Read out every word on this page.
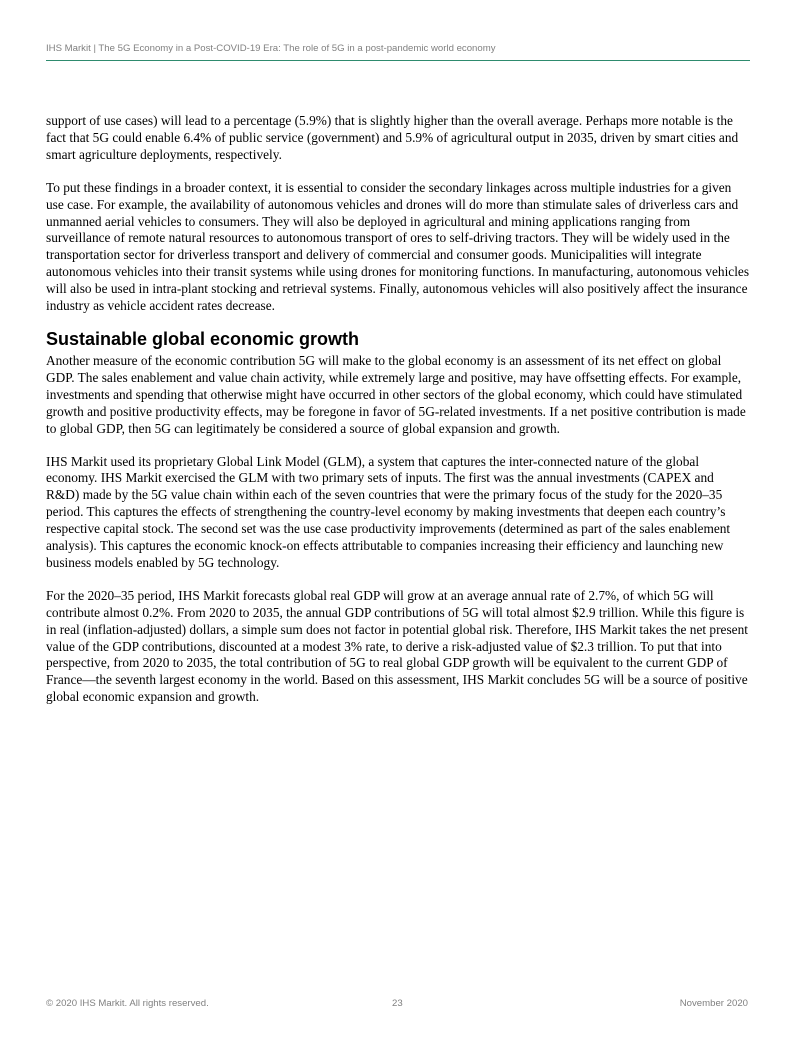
IHS Markit | The 5G Economy in a Post-COVID-19 Era: The role of 5G in a post-pandemic world economy

support of use cases) will lead to a percentage (5.9%) that is slightly higher than the overall average. Perhaps more notable is the fact that 5G could enable 6.4% of public service (government) and 5.9% of agricultural output in 2035, driven by smart cities and smart agriculture deployments, respectively.

To put these findings in a broader context, it is essential to consider the secondary linkages across multiple industries for a given use case. For example, the availability of autonomous vehicles and drones will do more than stimulate sales of driverless cars and unmanned aerial vehicles to consumers. They will also be deployed in agricultural and mining applications ranging from surveillance of remote natural resources to autonomous transport of ores to self-driving tractors. They will be widely used in the transportation sector for driverless transport and delivery of commercial and consumer goods. Municipalities will integrate autonomous vehicles into their transit systems while using drones for monitoring functions. In manufacturing, autonomous vehicles will also be used in intra-plant stocking and retrieval systems. Finally, autonomous vehicles will also positively affect the insurance industry as vehicle accident rates decrease.

Sustainable global economic growth

Another measure of the economic contribution 5G will make to the global economy is an assessment of its net effect on global GDP. The sales enablement and value chain activity, while extremely large and positive, may have offsetting effects. For example, investments and spending that otherwise might have occurred in other sectors of the global economy, which could have stimulated growth and positive productivity effects, may be foregone in favor of 5G-related investments. If a net positive contribution is made to global GDP, then 5G can legitimately be considered a source of global expansion and growth.

IHS Markit used its proprietary Global Link Model (GLM), a system that captures the inter-connected nature of the global economy. IHS Markit exercised the GLM with two primary sets of inputs. The first was the annual investments (CAPEX and R&D) made by the 5G value chain within each of the seven countries that were the primary focus of the study for the 2020–35 period. This captures the effects of strengthening the country-level economy by making investments that deepen each country’s respective capital stock. The second set was the use case productivity improvements (determined as part of the sales enablement analysis). This captures the economic knock-on effects attributable to companies increasing their efficiency and launching new business models enabled by 5G technology.

For the 2020–35 period, IHS Markit forecasts global real GDP will grow at an average annual rate of 2.7%, of which 5G will contribute almost 0.2%. From 2020 to 2035, the annual GDP contributions of 5G will total almost $2.9 trillion. While this figure is in real (inflation-adjusted) dollars, a simple sum does not factor in potential global risk. Therefore, IHS Markit takes the net present value of the GDP contributions, discounted at a modest 3% rate, to derive a risk-adjusted value of $2.3 trillion. To put that into perspective, from 2020 to 2035, the total contribution of 5G to real global GDP growth will be equivalent to the current GDP of France—the seventh largest economy in the world. Based on this assessment, IHS Markit concludes 5G will be a source of positive global economic expansion and growth.

© 2020 IHS Markit. All rights reserved.	23	November 2020
